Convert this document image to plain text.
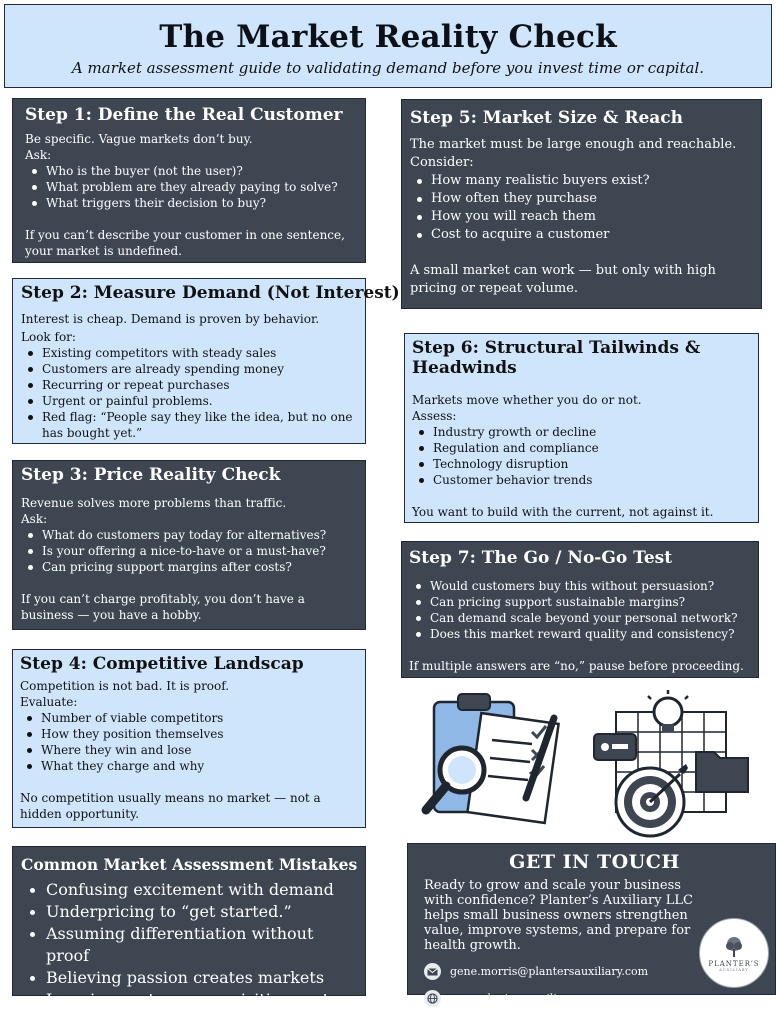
The Market Reality Check

A market assessment guide to validating demand before you invest time or capital.

Step 1: Define the Real Customer
Be specific. Vague markets don’t buy.
Ask:
Who is the buyer (not the user)?
What problem are they already paying to solve?
What triggers their decision to buy?
If you can’t describe your customer in one sentence, your market is undefined.
Step 2: Measure Demand (Not Interest)
Interest is cheap. Demand is proven by behavior.
Look for:
Existing competitors with steady sales
Customers are already spending money
Recurring or repeat purchases
Urgent or painful problems.
Red flag: “People say they like the idea, but no one has bought yet.”
Step 3: Price Reality Check
Revenue solves more problems than traffic.
Ask:
What do customers pay today for alternatives?
Is your offering a nice-to-have or a must-have?
Can pricing support margins after costs?
If you can’t charge profitably, you don’t have a business — you have a hobby.
Step 4: Competitive Landscap
Competition is not bad. It is proof.
Evaluate:
Number of viable competitors
How they position themselves
Where they win and lose
What they charge and why
No competition usually means no market — not a hidden opportunity.
Common Market Assessment Mistakes
Confusing excitement with demand
Underpricing to “get started.”
Assuming differentiation without proof
Believing passion creates markets
Ignoring customer acquisition costs
Step 5: Market Size & Reach
The market must be large enough and reachable.
Consider:
How many realistic buyers exist?
How often they purchase
How you will reach them
Cost to acquire a customer
A small market can work — but only with high pricing or repeat volume.
Step 6: Structural Tailwinds &
Headwinds
Markets move whether you do or not.
Assess:
Industry growth or decline
Regulation and compliance
Technology disruption
Customer behavior trends
You want to build with the current, not against it.
Step 7: The Go / No-Go Test
Would customers buy this without persuasion?
Can pricing support sustainable margins?
Can demand scale beyond your personal network?
Does this market reward quality and consistency?
If multiple answers are “no,” pause before proceeding.
GET IN TOUCH
Ready to grow and scale your business with confidence? Planter’s Auxiliary LLC helps small business owners strengthen value, improve systems, and prepare for health growth.
gene.morris@plantersauxiliary.com
www.plantersauxiliary.com
PLANTER’S
AUXILIARY
